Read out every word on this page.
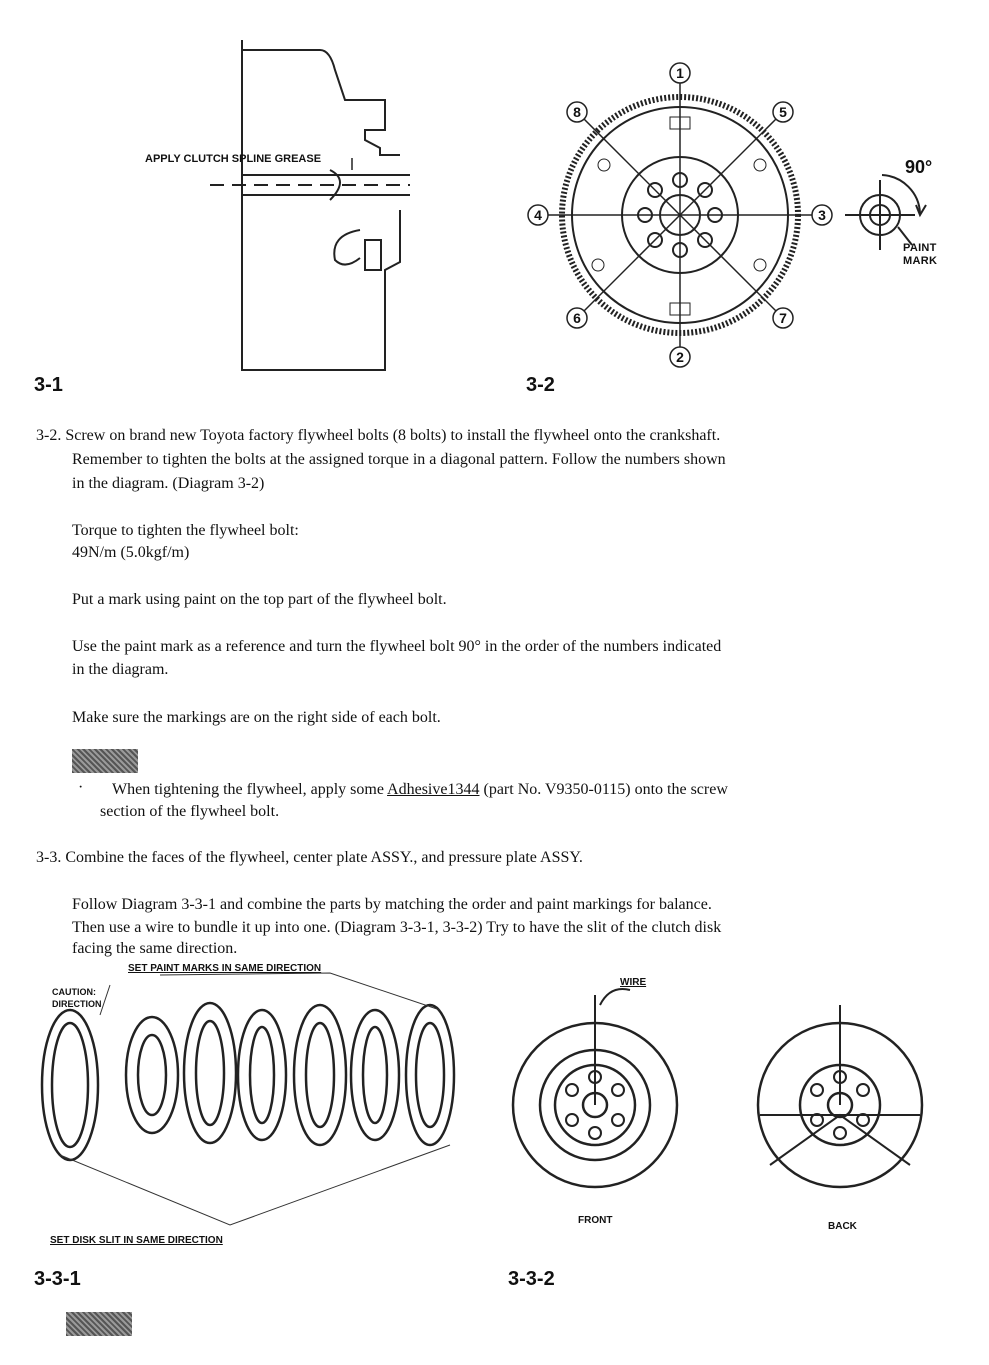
APPLY CLUTCH SPLINE GREASE
3-1
1
2
3
4
5
6	7
8
90°
PAINT MARK
3-2
3-2. Screw on brand new Toyota factory flywheel bolts (8 bolts) to install the flywheel onto the crankshaft.
Remember to tighten the bolts at the assigned torque in a diagonal pattern. Follow the numbers shown
in the diagram. (Diagram 3-2)
Torque to tighten the flywheel bolt:
49N/m (5.0kgf/m)
Put a mark using paint on the top part of the flywheel bolt.
Use the paint mark as a reference and turn the flywheel bolt 90° in the order of the numbers indicated
in the diagram.
Make sure the markings are on the right side of each bolt.
· When tightening the flywheel, apply some Adhesive1344 (part No. V9350-0115) onto the screw
section of the flywheel bolt.
3-3. Combine the faces of the flywheel, center plate ASSY., and pressure plate ASSY.
Follow Diagram 3-3-1 and combine the parts by matching the order and paint markings for balance.
Then use a wire to bundle it up into one. (Diagram 3-3-1, 3-3-2) Try to have the slit of the clutch disk
facing the same direction.
SET PAINT MARKS IN SAME DIRECTION
CAUTION:
DIRECTION
SET DISK SLIT IN SAME DIRECTION
3-3-1
WIRE
FRONT
BACK
3-3-2
